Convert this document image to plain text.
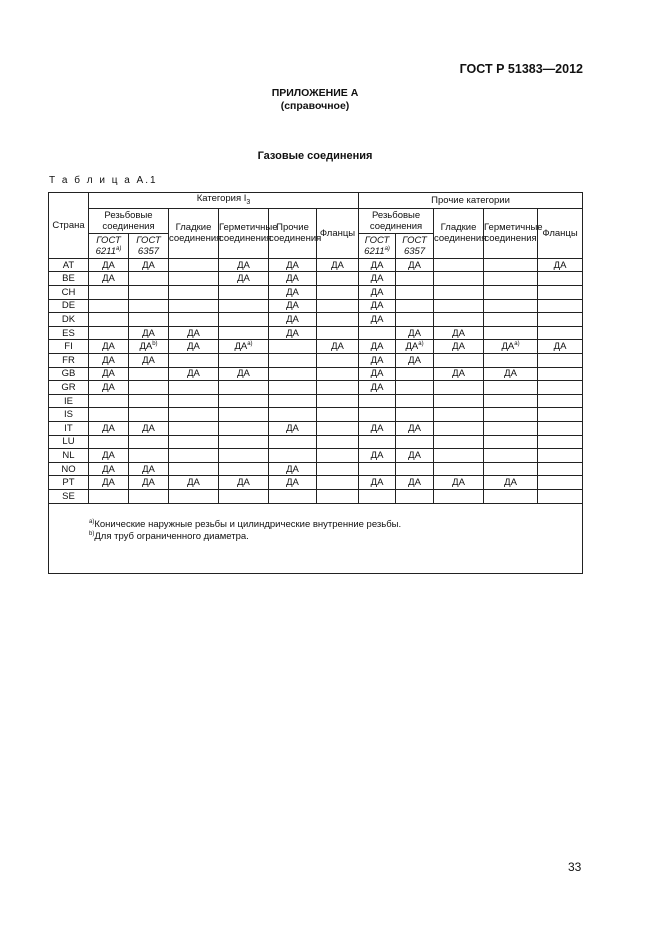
ГОСТ Р 51383—2012
ПРИЛОЖЕНИЕ А
(справочное)
Газовые соединения
Т а б л и ц а А.1
Страна	Категория $I_3$						Прочие категории				
	Резьбовые соединения		Гладкие соединения	Герметичные соединения	Прочие соединения	Фланцы	Резьбовые соединения		Гладкие соединения	Герметичные соединения	Фланцы
	ГОСТ $6211^{а)}$	ГОСТ 6357					ГОСТ $6211^{а)}$	ГОСТ 6357			
AT	ДА	ДА		ДА	ДА	ДА	ДА	ДА			ДА
BE	ДА			ДА	ДА		ДА				
CH					ДА		ДА				
DE					ДА		ДА				
DK					ДА		ДА				
ES		ДА	ДА		ДА			ДА	ДА		
FI	ДА	ДА$^{b)}$	ДА	ДА$^{a)}$		ДА	ДА	ДА$^{a)}$	ДА	ДА$^{a)}$	ДА
FR	ДА	ДА					ДА	ДА			
GB	ДА		ДА	ДА			ДА		ДА	ДА	
GR	ДА						ДА				
IE											
IS											
IT	ДА	ДА			ДА		ДА	ДА			
LU											
NL	ДА						ДА	ДА			
NO	ДА	ДА			ДА						
PT	ДА	ДА	ДА	ДА	ДА		ДА	ДА	ДА	ДА	
SE											

$^{а)}$Конические наружные резьбы и цилиндрические внутренние резьбы.
$^{b)}$Для труб ограниченного диаметра.											
33
